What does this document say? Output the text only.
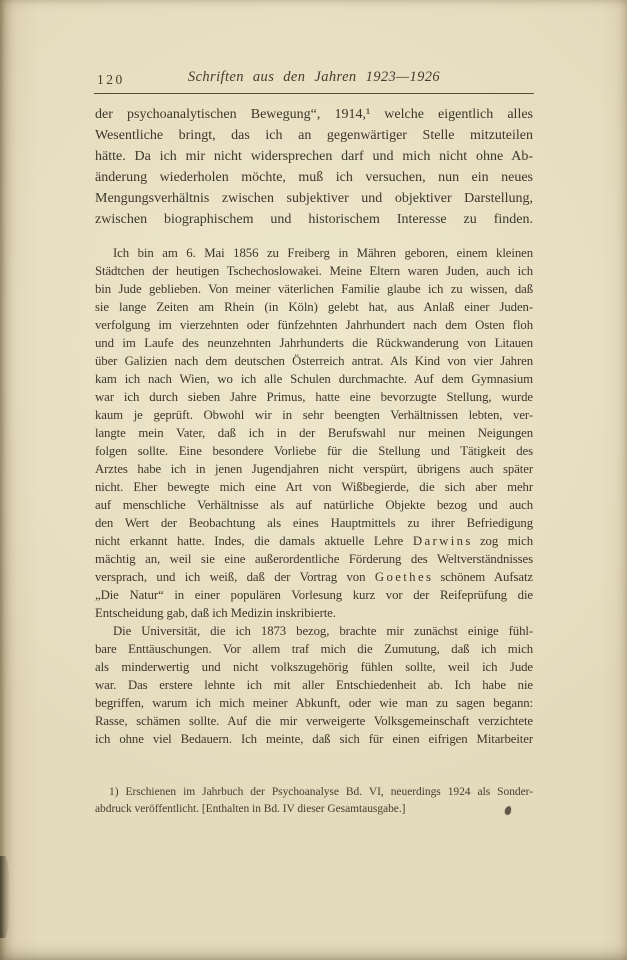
120	Schriften aus den Jahren 1923—1926
der psychoanalytischen Bewegung“, 1914,¹ welche eigentlich alles
Wesentliche bringt, das ich an gegenwärtiger Stelle mitzuteilen
hätte. Da ich mir nicht widersprechen darf und mich nicht ohne Ab-
änderung wiederholen möchte, muß ich versuchen, nun ein neues
Mengungsverhältnis zwischen subjektiver und objektiver Darstellung,
zwischen biographischem und historischem Interesse zu finden.
Ich bin am 6. Mai 1856 zu Freiberg in Mähren geboren, einem kleinen
Städtchen der heutigen Tschechoslowakei. Meine Eltern waren Juden, auch ich
bin Jude geblieben. Von meiner väterlichen Familie glaube ich zu wissen, daß
sie lange Zeiten am Rhein (in Köln) gelebt hat, aus Anlaß einer Juden-
verfolgung im vierzehnten oder fünfzehnten Jahrhundert nach dem Osten floh
und im Laufe des neunzehnten Jahrhunderts die Rückwanderung von Litauen
über Galizien nach dem deutschen Österreich antrat. Als Kind von vier Jahren
kam ich nach Wien, wo ich alle Schulen durchmachte. Auf dem Gymnasium
war ich durch sieben Jahre Primus, hatte eine bevorzugte Stellung, wurde
kaum je geprüft. Obwohl wir in sehr beengten Verhältnissen lebten, ver-
langte mein Vater, daß ich in der Berufswahl nur meinen Neigungen
folgen sollte. Eine besondere Vorliebe für die Stellung und Tätigkeit des
Arztes habe ich in jenen Jugendjahren nicht verspürt, übrigens auch später
nicht. Eher bewegte mich eine Art von Wißbegierde, die sich aber mehr
auf menschliche Verhältnisse als auf natürliche Objekte bezog und auch
den Wert der Beobachtung als eines Hauptmittels zu ihrer Befriedigung
nicht erkannt hatte. Indes, die damals aktuelle Lehre D a r w i n s zog mich
mächtig an, weil sie eine außerordentliche Förderung des Weltverständnisses
versprach, und ich weiß, daß der Vortrag von G o e t h e s schönem Aufsatz
„Die Natur“ in einer populären Vorlesung kurz vor der Reifeprüfung die
Entscheidung gab, daß ich Medizin inskribierte.
Die Universität, die ich 1873 bezog, brachte mir zunächst einige fühl-
bare Enttäuschungen. Vor allem traf mich die Zumutung, daß ich mich
als minderwertig und nicht volkszugehörig fühlen sollte, weil ich Jude
war. Das erstere lehnte ich mit aller Entschiedenheit ab. Ich habe nie
begriffen, warum ich mich meiner Abkunft, oder wie man zu sagen begann:
Rasse, schämen sollte. Auf die mir verweigerte Volksgemeinschaft verzichtete
ich ohne viel Bedauern. Ich meinte, daß sich für einen eifrigen Mitarbeiter
1) Erschienen im Jahrbuch der Psychoanalyse Bd. VI, neuerdings 1924 als Sonder-
abdruck veröffentlicht. [Enthalten in Bd. IV dieser Gesamtausgabe.]
